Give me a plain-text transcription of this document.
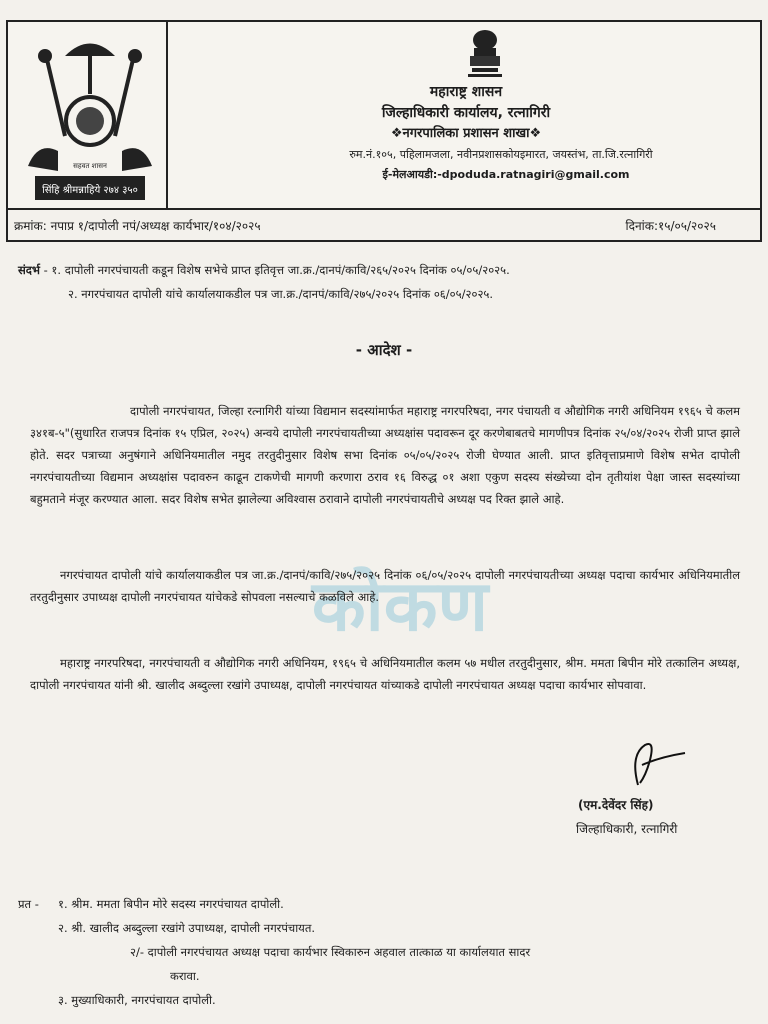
सिंहि श्रीमन्नाहिये २७४ ३५०
सहवत शासन

महाराष्ट्र शासन

जिल्हाधिकारी कार्यालय, रत्नागिरी

❖नगरपालिका प्रशासन शाखा❖

रुम.नं.१०५, पहिलामजला, नवीनप्रशासकोयइमारत, जयस्तंभ, ता.जि.रत्नागिरी

ई-मेलआयडी:-dpoduda.ratnagiri@gmail.com

क्रमांक: नपाप्र १/दापोली नपं/अध्यक्ष कार्यभार/१०४/२०२५	दिनांक:१५/०५/२०२५
संदर्भ - १. दापोली नगरपंचायती कडून विशेष सभेचे प्राप्त इतिवृत्त जा.क्र./दानपं/कावि/२६५/२०२५ दिनांक ०५/०५/२०२५.
२. नगरपंचायत दापोली यांचे कार्यालयाकडील पत्र जा.क्र./दानपं/कावि/२७५/२०२५ दिनांक ०६/०५/२०२५.
- आदेश -
कोकण

दापोली नगरपंचायत, जिल्हा रत्नागिरी यांच्या विद्यमान सदस्यांमार्फत महाराष्ट्र नगरपरिषदा, नगर पंचायती व औद्योगिक नगरी अधिनियम १९६५ चे कलम ३४१ब-५"(सुधारित राजपत्र दिनांक १५ एप्रिल, २०२५) अन्वये दापोली नगरपंचायतीच्या अध्यक्षांस पदावरून दूर करणेबाबतचे मागणीपत्र दिनांक २५/०४/२०२५ रोजी प्राप्त झाले होते. सदर पत्राच्या अनुषंगाने अधिनियमातील नमुद तरतुदीनुसार विशेष सभा दिनांक ०५/०५/२०२५ रोजी घेण्यात आली. प्राप्त इतिवृत्ताप्रमाणे विशेष सभेत दापोली नगरपंचायतीच्या विद्यमान अध्यक्षांस पदावरुन काढून टाकणेची मागणी करणारा ठराव १६ विरुद्ध ०१ अशा एकुण सदस्य संख्येच्या दोन तृतीयांश पेक्षा जास्त सदस्यांच्या बहुमताने मंजूर करण्यात आला. सदर विशेष सभेत झालेल्या अविश्वास ठरावाने दापोली नगरपंचायतीचे अध्यक्ष पद रिक्त झाले आहे.

नगरपंचायत दापोली यांचे कार्यालयाकडील पत्र जा.क्र./दानपं/कावि/२७५/२०२५ दिनांक ०६/०५/२०२५ दापोली नगरपंचायतीच्या अध्यक्ष पदाचा कार्यभार अधिनियमातील तरतुदीनुसार उपाध्यक्ष दापोली नगरपंचायत यांचेकडे सोपवला नसल्याचे कळविले आहे.

महाराष्ट्र नगरपरिषदा, नगरपंचायती व औद्योगिक नगरी अधिनियम, १९६५ चे अधिनियमातील कलम ५७ मधील तरतुदीनुसार, श्रीम. ममता बिपीन मोरे तत्कालिन अध्यक्ष, दापोली नगरपंचायत यांनी श्री. खालीद अब्दुल्ला रखांगे उपाध्यक्ष, दापोली नगरपंचायत यांच्याकडे दापोली नगरपंचायत अध्यक्ष पदाचा कार्यभार सोपवावा.

(एम.देवेंदर सिंह)
जिल्हाधिकारी, रत्नागिरी
प्रत - १. श्रीम. ममता बिपीन मोरे सदस्य नगरपंचायत दापोली.
२. श्री. खालीद अब्दुल्ला रखांगे उपाध्यक्ष, दापोली नगरपंचायत.
२/- दापोली नगरपंचायत अध्यक्ष पदाचा कार्यभार स्विकारुन अहवाल तात्काळ या कार्यालयात सादर
करावा.
३. मुख्याधिकारी, नगरपंचायत दापोली.
